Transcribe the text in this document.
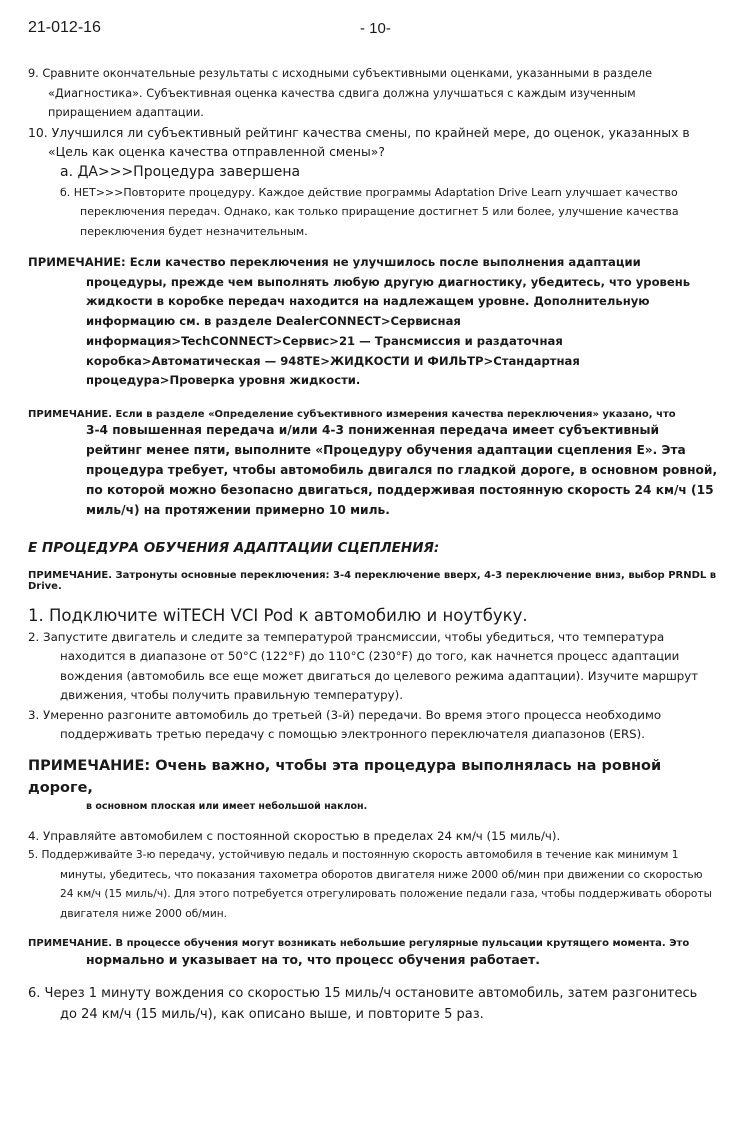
21-012-16	- 10-
9. Сравните окончательные результаты с исходными субъективными оценками, указанными в разделе «Диагностика». Субъективная оценка качества сдвига должна улучшаться с каждым изученным приращением адаптации.
10. Улучшился ли субъективный рейтинг качества смены, по крайней мере, до оценок, указанных в «Цель как оценка качества отправленной смены»?
а. ДА>>>Процедура завершена
б. НЕТ>>>Повторите процедуру. Каждое действие программы Adaptation Drive Learn улучшает качество переключения передач. Однако, как только приращение достигнет 5 или более, улучшение качества переключения будет незначительным.
ПРИМЕЧАНИЕ: Если качество переключения не улучшилось после выполнения адаптации
процедуры, прежде чем выполнять любую другую диагностику, убедитесь, что уровень жидкости в коробке передач находится на надлежащем уровне. Дополнительную информацию см. в разделе DealerCONNECT>Сервисная информация>TechCONNECT>Сервис>21 — Трансмиссия и раздаточная коробка>Автоматическая — 948TE>ЖИДКОСТИ И ФИЛЬТР>Стандартная процедура>Проверка уровня жидкости.
ПРИМЕЧАНИЕ. Если в разделе «Определение субъективного измерения качества переключения» указано, что
3-4 повышенная передача и/или 4-3 пониженная передача имеет субъективный рейтинг менее пяти, выполните «Процедуру обучения адаптации сцепления E». Эта процедура требует, чтобы автомобиль двигался по гладкой дороге, в основном ровной, по которой можно безопасно двигаться, поддерживая постоянную скорость 24 км/ч (15 миль/ч) на протяжении примерно 10 миль.
E ПРОЦЕДУРА ОБУЧЕНИЯ АДАПТАЦИИ СЦЕПЛЕНИЯ:
ПРИМЕЧАНИЕ. Затронуты основные переключения: 3-4 переключение вверх, 4-3 переключение вниз, выбор PRNDL в Drive.
1. Подключите wiTECH VCI Pod к автомобилю и ноутбуку.
2. Запустите двигатель и следите за температурой трансмиссии, чтобы убедиться, что температура находится в диапазоне от 50°C (122°F) до 110°C (230°F) до того, как начнется процесс адаптации вождения (автомобиль все еще может двигаться до целевого режима адаптации). Изучите маршрут движения, чтобы получить правильную температуру).
3. Умеренно разгоните автомобиль до третьей (3-й) передачи. Во время этого процесса необходимо поддерживать третью передачу с помощью электронного переключателя диапазонов (ERS).
ПРИМЕЧАНИЕ: Очень важно, чтобы эта процедура выполнялась на ровной дороге,
в основном плоская или имеет небольшой наклон.
4. Управляйте автомобилем с постоянной скоростью в пределах 24 км/ч (15 миль/ч).
5. Поддерживайте 3-ю передачу, устойчивую педаль и постоянную скорость автомобиля в течение как минимум 1 минуты, убедитесь, что показания тахометра оборотов двигателя ниже 2000 об/мин при движении со скоростью 24 км/ч (15 миль/ч). Для этого потребуется отрегулировать положение педали газа, чтобы поддерживать обороты двигателя ниже 2000 об/мин.
ПРИМЕЧАНИЕ. В процессе обучения могут возникать небольшие регулярные пульсации крутящего момента. Это
нормально и указывает на то, что процесс обучения работает.
6. Через 1 минуту вождения со скоростью 15 миль/ч остановите автомобиль, затем разгонитесь до 24 км/ч (15 миль/ч), как описано выше, и повторите 5 раз.
